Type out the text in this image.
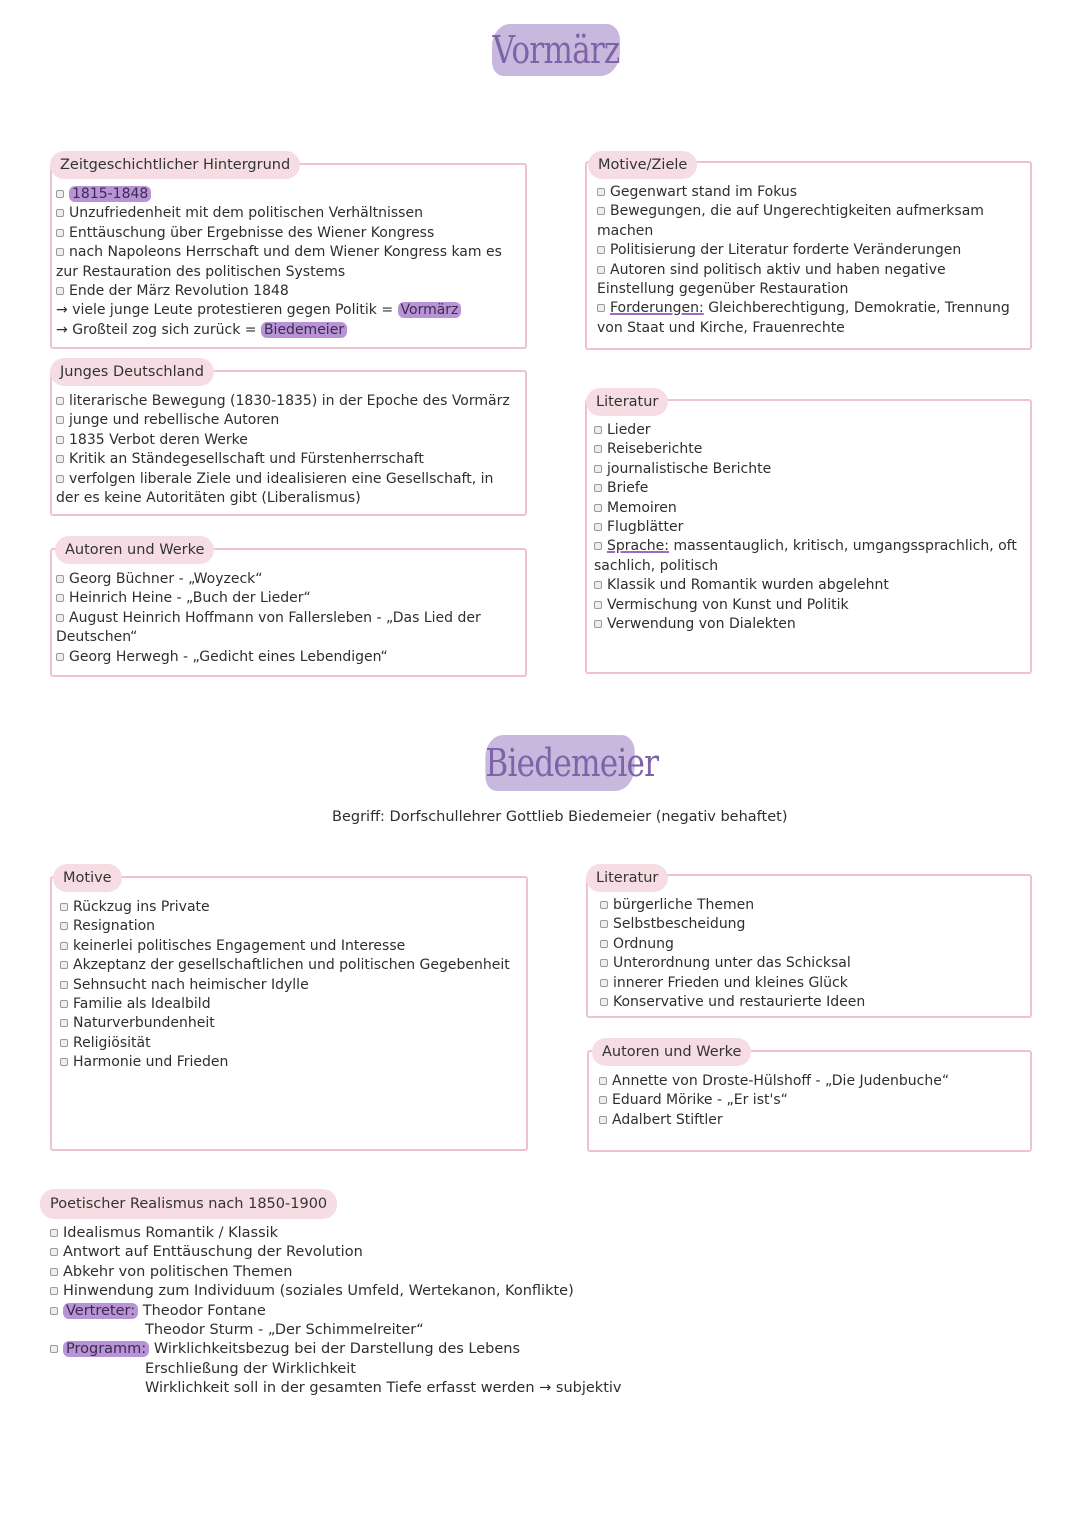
Vormärz
Zeitgeschichtlicher Hintergrund
1815-1848
Unzufriedenheit mit dem politischen Verhältnissen
Enttäuschung über Ergebnisse des Wiener Kongress
nach Napoleons Herrschaft und dem Wiener Kongress kam es zur Restauration des politischen Systems
Ende der März Revolution 1848
→ viele junge Leute protestieren gegen Politik = Vormärz
→ Großteil zog sich zurück = Biedemeier
Motive/Ziele
Gegenwart stand im Fokus
Bewegungen, die auf Ungerechtigkeiten aufmerksam machen
Politisierung der Literatur forderte Veränderungen
Autoren sind politisch aktiv und haben negative Einstellung gegenüber Restauration
Forderungen: Gleichberechtigung, Demokratie, Trennung von Staat und Kirche, Frauenrechte
Junges Deutschland
literarische Bewegung (1830-1835) in der Epoche des Vormärz
junge und rebellische Autoren
1835 Verbot deren Werke
Kritik an Ständegesellschaft und Fürstenherrschaft
verfolgen liberale Ziele und idealisieren eine Gesellschaft, in der es keine Autoritäten gibt (Liberalismus)
Literatur
Lieder
Reiseberichte
journalistische Berichte
Briefe
Memoiren
Flugblätter
Sprache: massentauglich, kritisch, umgangssprachlich, oft sachlich, politisch
Klassik und Romantik wurden abgelehnt
Vermischung von Kunst und Politik
Verwendung von Dialekten
Autoren und Werke
Georg Büchner - „Woyzeck“
Heinrich Heine - „Buch der Lieder“
August Heinrich Hoffmann von Fallersleben - „Das Lied der Deutschen“
Georg Herwegh - „Gedicht eines Lebendigen“
Biedemeier
Begriff: Dorfschullehrer Gottlieb Biedemeier (negativ behaftet)
Motive
Rückzug ins Private
Resignation
keinerlei politisches Engagement und Interesse
Akzeptanz der gesellschaftlichen und politischen Gegebenheit
Sehnsucht nach heimischer Idylle
Familie als Idealbild
Naturverbundenheit
Religiösität
Harmonie und Frieden
Literatur
bürgerliche Themen
Selbstbescheidung
Ordnung
Unterordnung unter das Schicksal
innerer Frieden und kleines Glück
Konservative und restaurierte Ideen
Autoren und Werke
Annette von Droste-Hülshoff - „Die Judenbuche“
Eduard Mörike - „Er ist's“
Adalbert Stiftler
Poetischer Realismus nach 1850-1900
Idealismus Romantik / Klassik
Antwort auf Enttäuschung der Revolution
Abkehr von politischen Themen
Hinwendung zum Individuum (soziales Umfeld, Wertekanon, Konflikte)
Vertreter: Theodor Fontane
Theodor Sturm - „Der Schimmelreiter“
Programm: Wirklichkeitsbezug bei der Darstellung des Lebens
Erschließung der Wirklichkeit
Wirklichkeit soll in der gesamten Tiefe erfasst werden → subjektiv
